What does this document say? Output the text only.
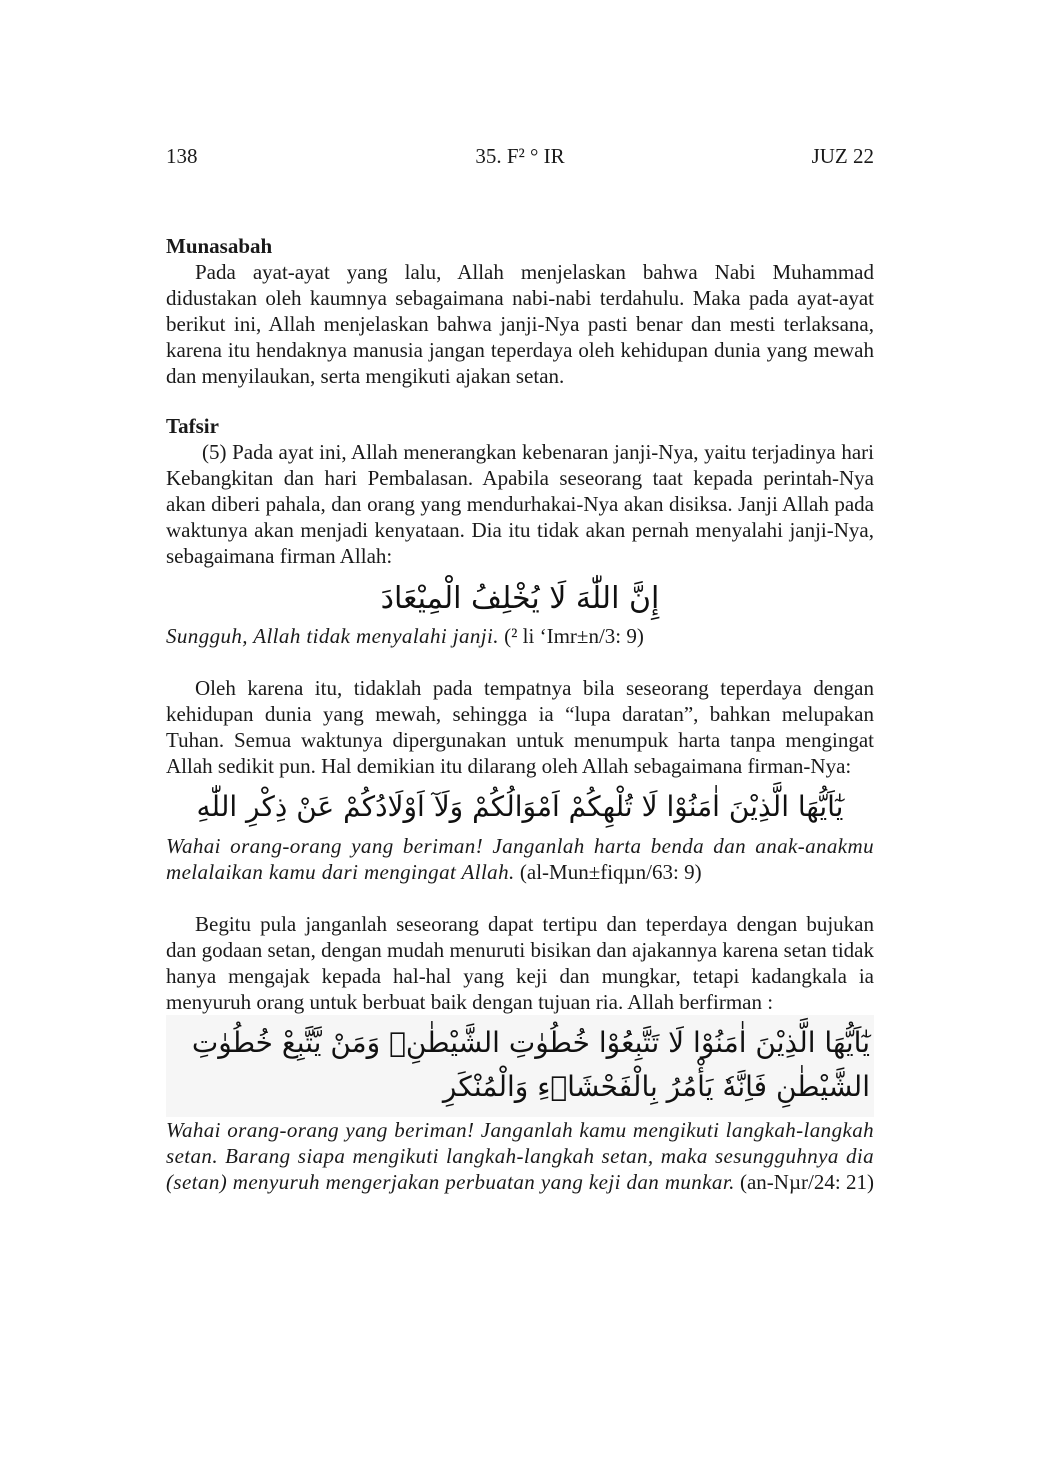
138	35. F² ° IR	JUZ 22
Munasabah

Pada ayat-ayat yang lalu, Allah menjelaskan bahwa Nabi Muhammad didustakan oleh kaumnya sebagaimana nabi-nabi terdahulu. Maka pada ayat-ayat berikut ini, Allah menjelaskan bahwa janji-Nya pasti benar dan mesti terlaksana, karena itu hendaknya manusia jangan teperdaya oleh kehidupan dunia yang mewah dan menyilaukan, serta mengikuti ajakan setan.

Tafsir

(5) Pada ayat ini, Allah menerangkan kebenaran janji-Nya, yaitu terjadinya hari Kebangkitan dan hari Pembalasan. Apabila seseorang taat kepada perintah-Nya akan diberi pahala, dan orang yang mendurhakai-Nya akan disiksa. Janji Allah pada waktunya akan menjadi kenyataan. Dia itu tidak akan pernah menyalahi janji-Nya, sebagaimana firman Allah:

إِنَّ اللّٰهَ لَا يُخْلِفُ الْمِيْعَادَ

Sungguh, Allah tidak menyalahi janji. (² li ‘Imr±n/3: 9)

Oleh karena itu, tidaklah pada tempatnya bila seseorang teperdaya dengan kehidupan dunia yang mewah, sehingga ia “lupa daratan”, bahkan melupakan Tuhan. Semua waktunya dipergunakan untuk menumpuk harta tanpa mengingat Allah sedikit pun. Hal demikian itu dilarang oleh Allah sebagaimana firman-Nya:

يٰٓاَيُّهَا الَّذِيْنَ اٰمَنُوْا لَا تُلْهِكُمْ اَمْوَالُكُمْ وَلَآ اَوْلَادُكُمْ عَنْ ذِكْرِ اللّٰهِ

Wahai orang-orang yang beriman! Janganlah harta benda dan anak-anakmu melalaikan kamu dari mengingat Allah. (al-Mun±fiqµn/63: 9)

Begitu pula janganlah seseorang dapat tertipu dan teperdaya dengan bujukan dan godaan setan, dengan mudah menuruti bisikan dan ajakannya karena setan tidak hanya mengajak kepada hal-hal yang keji dan mungkar, tetapi kadangkala ia menyuruh orang untuk berbuat baik dengan tujuan ria. Allah berfirman :

يٰٓاَيُّهَا الَّذِيْنَ اٰمَنُوْا لَا تَتَّبِعُوْا خُطُوٰتِ الشَّيْطٰنِۗ وَمَنْ يَّتَّبِعْ خُطُوٰتِ الشَّيْطٰنِ فَاِنَّهٗ يَأْمُرُ بِالْفَحْشَاۤءِ وَالْمُنْكَرِ

Wahai orang-orang yang beriman! Janganlah kamu mengikuti langkah-langkah setan. Barang siapa mengikuti langkah-langkah setan, maka sesungguhnya dia (setan) menyuruh mengerjakan perbuatan yang keji dan munkar. (an-Nµr/24: 21)
